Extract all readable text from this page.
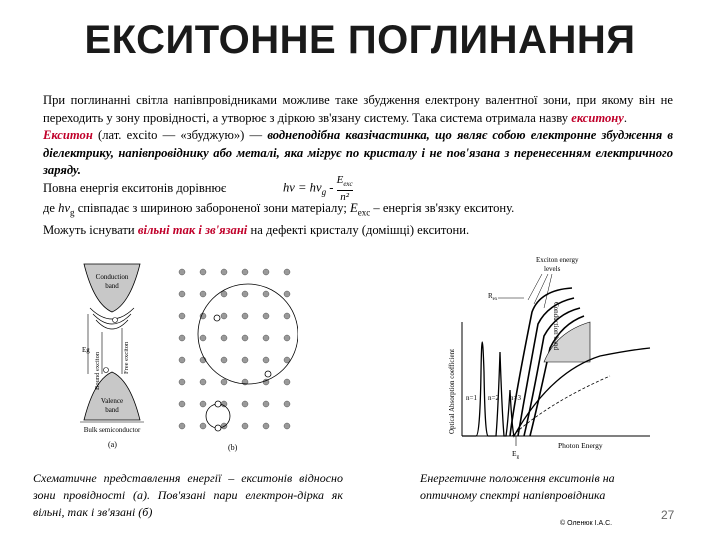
ЕКСИТОННЕ ПОГЛИНАННЯ

При поглинанні світла напівпровідниками можливе таке збудження електрону валентної зони, при якому він не переходить у зону провідності, а утворює з діркою зв'язану систему. Така система отримала назву екситону.

Екситон (лат. excito — «збуджую») — воднеподібна квазічастинка, що являє собою електронне збудження в діелектрику, напівпровіднику або металі, яка мігрує по кристалу і не пов'язана з перенесенням електричного заряду.

Повна енергія екситонів дорівнює	$h\nu = h\nu_g$ -
$E_{exc}$
n²

де $h\nu_g$ співпадає з шириною забороненої зони матеріалу; $E_{exc}$ – енергія зв'язку екситону.

Можуть існувати вільні так і зв'язані на дефекті кристалу (домішці) екситони.

Conduction
band
Valence
band
Eg
Bound exciton	Free exciton
Bulk semiconductor
(a)	(b)
Optical Absorption coefficient
Photon Energy
Exciton energy
levels
Conduction band
$R_{ex}$
n=1 n=2 n=3
$E_g$
Схематичне представлення енергії – екситонів відносно зони провідності (а). Пов'язані пари електрон-дірка як вільні, так і зв'язані (б)
Енергетичне положення екситонів на оптичному спектрі напівпровідника
© Оленюк І.А.С.
27
